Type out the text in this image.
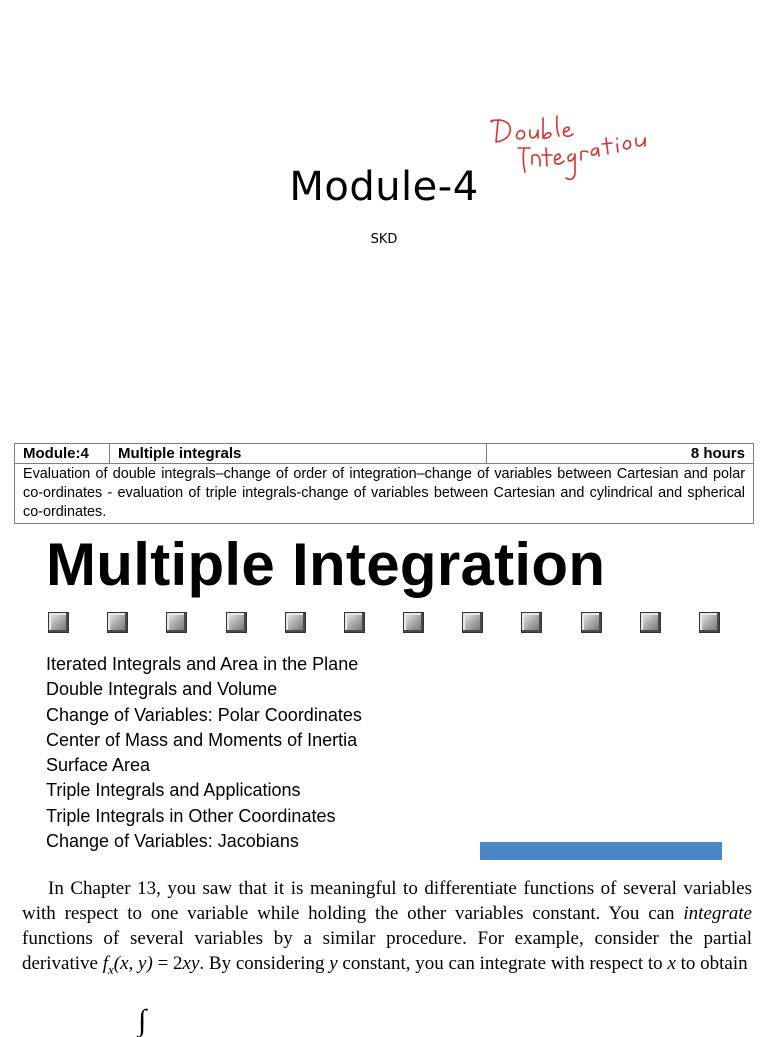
Module-4
SKD
Module:4	Multiple integrals	8 hours
Evaluation of double integrals–change of order of integration–change of variables between Cartesian and polar co-ordinates - evaluation of triple integrals-change of variables between Cartesian and cylindrical and spherical co-ordinates.
Multiple Integration
Iterated Integrals and Area in the Plane
Double Integrals and Volume
Change of Variables: Polar Coordinates
Center of Mass and Moments of Inertia
Surface Area
Triple Integrals and Applications
Triple Integrals in Other Coordinates
Change of Variables: Jacobians

In Chapter 13, you saw that it is meaningful to differentiate functions of several variables with respect to one variable while holding the other variables constant. You can integrate functions of several variables by a similar procedure. For example, consider the partial derivative $f_x(x$, y) = 2xy. By considering y constant, you can integrate with respect to x to obtain

∫
